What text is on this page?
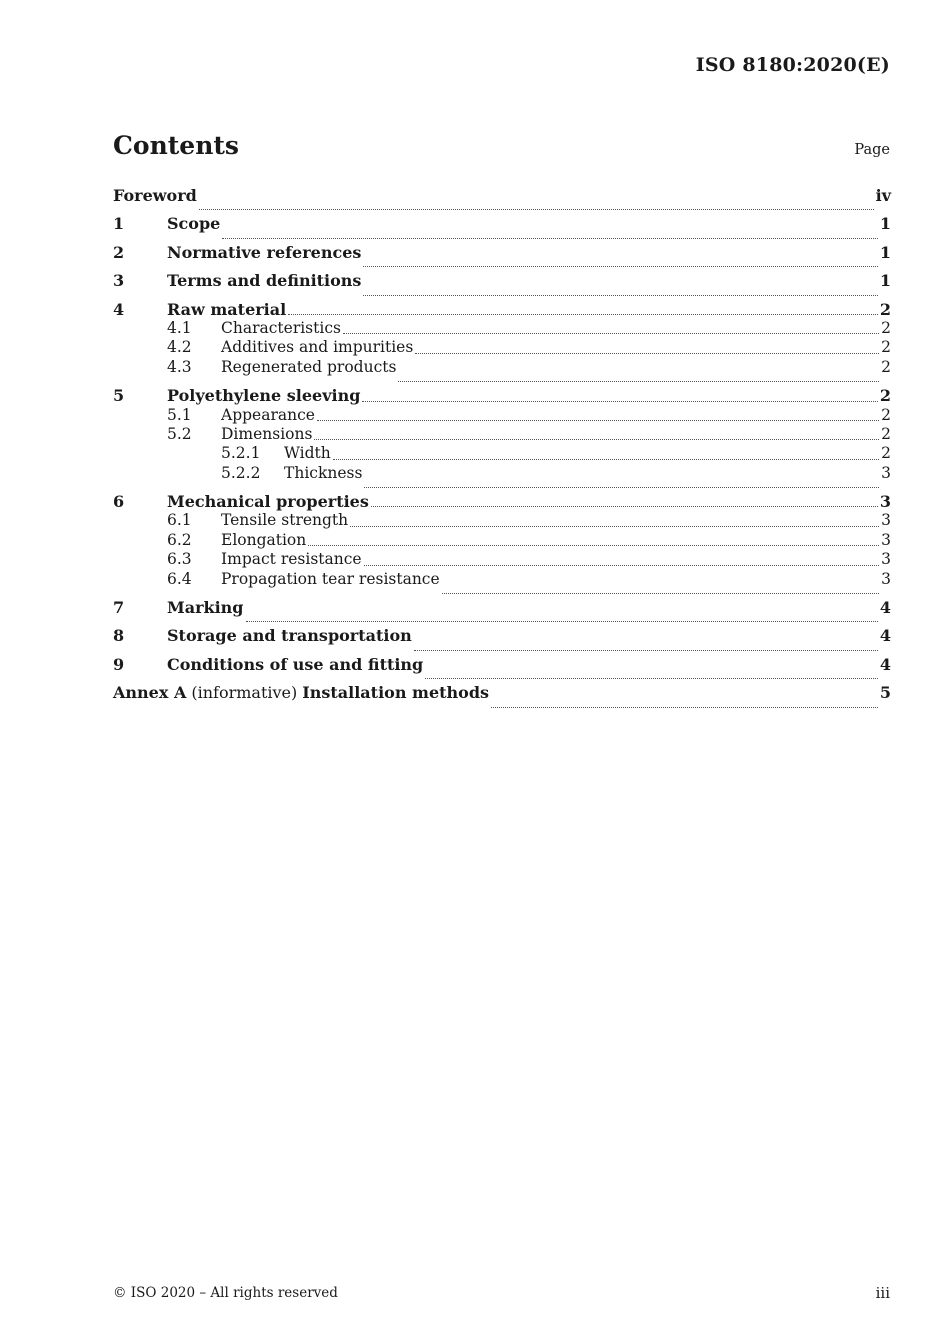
ISO 8180:2020(E)
Contents	Page
Foreword	iv
1	Scope	1
2	Normative references	1
3	Terms and definitions	1
4	Raw material	2
4.1	Characteristics	2
4.2	Additives and impurities	2
4.3	Regenerated products	2
5	Polyethylene sleeving	2
5.1	Appearance	2
5.2	Dimensions	2
5.2.1	Width	2
5.2.2	Thickness	3
6	Mechanical properties	3
6.1	Tensile strength	3
6.2	Elongation	3
6.3	Impact resistance	3
6.4	Propagation tear resistance	3
7	Marking	4
8	Storage and transportation	4
9	Conditions of use and fitting	4
Annex A (informative) Installation methods	5
© ISO 2020 – All rights reserved	iii
